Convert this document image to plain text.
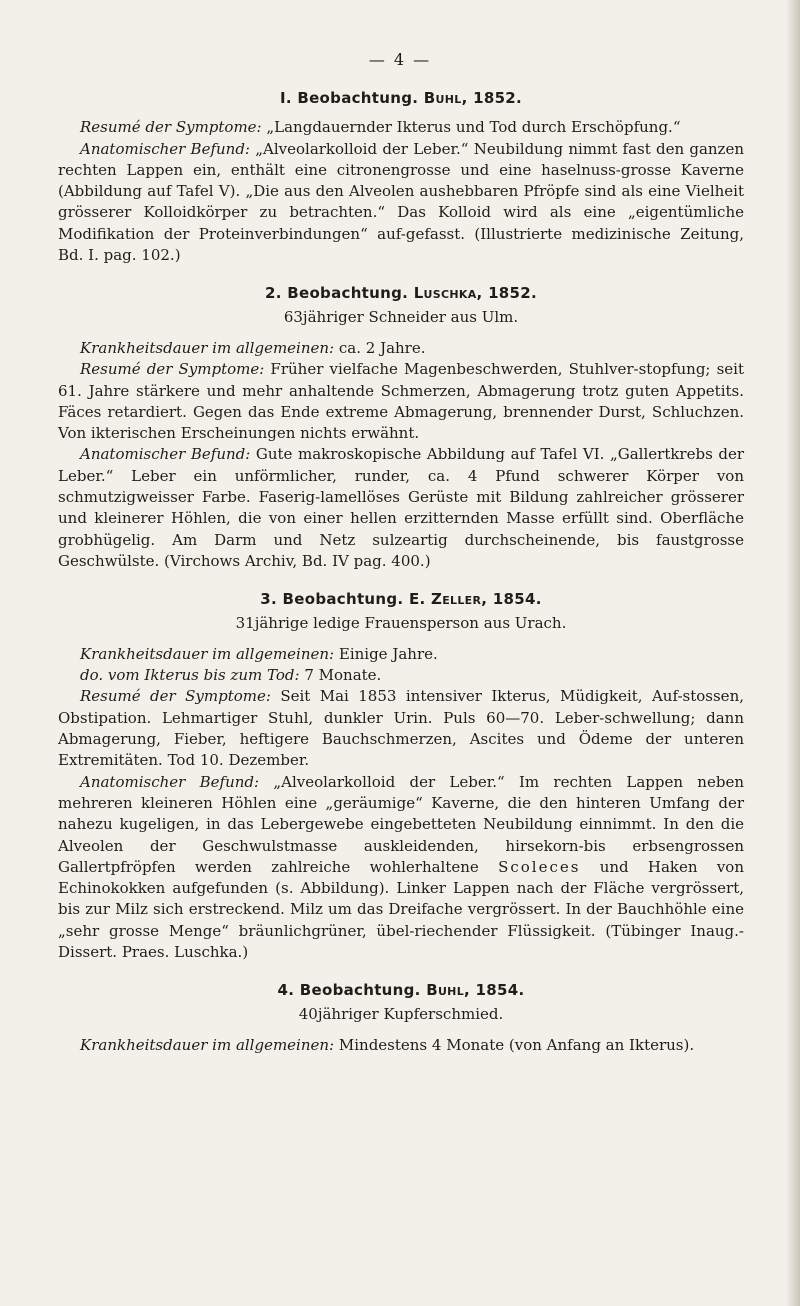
— 4 —
I. Beobachtung. Buhl, 1852.

Resumé der Symptome: „Langdauernder Ikterus und Tod durch Erschöpfung.“

Anatomischer Befund: „Alveolarkolloid der Leber.“ Neubildung nimmt fast den ganzen rechten Lappen ein, enthält eine citronengrosse und eine haselnuss-grosse Kaverne (Abbildung auf Tafel V). „Die aus den Alveolen aushebbaren Pfröpfe sind als eine Vielheit grösserer Kolloidkörper zu betrachten.“ Das Kolloid wird als eine „eigentümliche Modifikation der Proteinverbindungen“ auf-gefasst. (Illustrierte medizinische Zeitung, Bd. I. pag. 102.)

2. Beobachtung. Luschka, 1852.
63jähriger Schneider aus Ulm.

Krankheitsdauer im allgemeinen: ca. 2 Jahre.

Resumé der Symptome: Früher vielfache Magenbeschwerden, Stuhlver-stopfung; seit 61. Jahre stärkere und mehr anhaltende Schmerzen, Abmagerung trotz guten Appetits. Fäces retardiert. Gegen das Ende extreme Abmagerung, brennender Durst, Schluchzen. Von ikterischen Erscheinungen nichts erwähnt.

Anatomischer Befund: Gute makroskopische Abbildung auf Tafel VI. „Gallertkrebs der Leber.“ Leber ein unförmlicher, runder, ca. 4 Pfund schwerer Körper von schmutzigweisser Farbe. Faserig-lamellöses Gerüste mit Bildung zahlreicher grösserer und kleinerer Höhlen, die von einer hellen erzitternden Masse erfüllt sind. Oberfläche grobhügelig. Am Darm und Netz sulzeartig durchscheinende, bis faustgrosse Geschwülste. (Virchows Archiv, Bd. IV pag. 400.)

3. Beobachtung. E. Zeller, 1854.
31jährige ledige Frauensperson aus Urach.

Krankheitsdauer im allgemeinen: Einige Jahre.

do. vom Ikterus bis zum Tod: 7 Monate.

Resumé der Symptome: Seit Mai 1853 intensiver Ikterus, Müdigkeit, Auf-stossen, Obstipation. Lehmartiger Stuhl, dunkler Urin. Puls 60—70. Leber-schwellung; dann Abmagerung, Fieber, heftigere Bauchschmerzen, Ascites und Ödeme der unteren Extremitäten. Tod 10. Dezember.

Anatomischer Befund: „Alveolarkolloid der Leber.“ Im rechten Lappen neben mehreren kleineren Höhlen eine „geräumige“ Kaverne, die den hinteren Umfang der nahezu kugeligen, in das Lebergewebe eingebetteten Neubildung einnimmt. In den die Alveolen der Geschwulstmasse auskleidenden, hirsekorn-bis erbsengrossen Gallertpfröpfen werden zahlreiche wohlerhaltene Scoleces und Haken von Echinokokken aufgefunden (s. Abbildung). Linker Lappen nach der Fläche vergrössert, bis zur Milz sich erstreckend. Milz um das Dreifache vergrössert. In der Bauchhöhle eine „sehr grosse Menge“ bräunlichgrüner, übel-riechender Flüssigkeit. (Tübinger Inaug.-Dissert. Praes. Luschka.)

4. Beobachtung. Buhl, 1854.
40jähriger Kupferschmied.

Krankheitsdauer im allgemeinen: Mindestens 4 Monate (von Anfang an Ikterus).
